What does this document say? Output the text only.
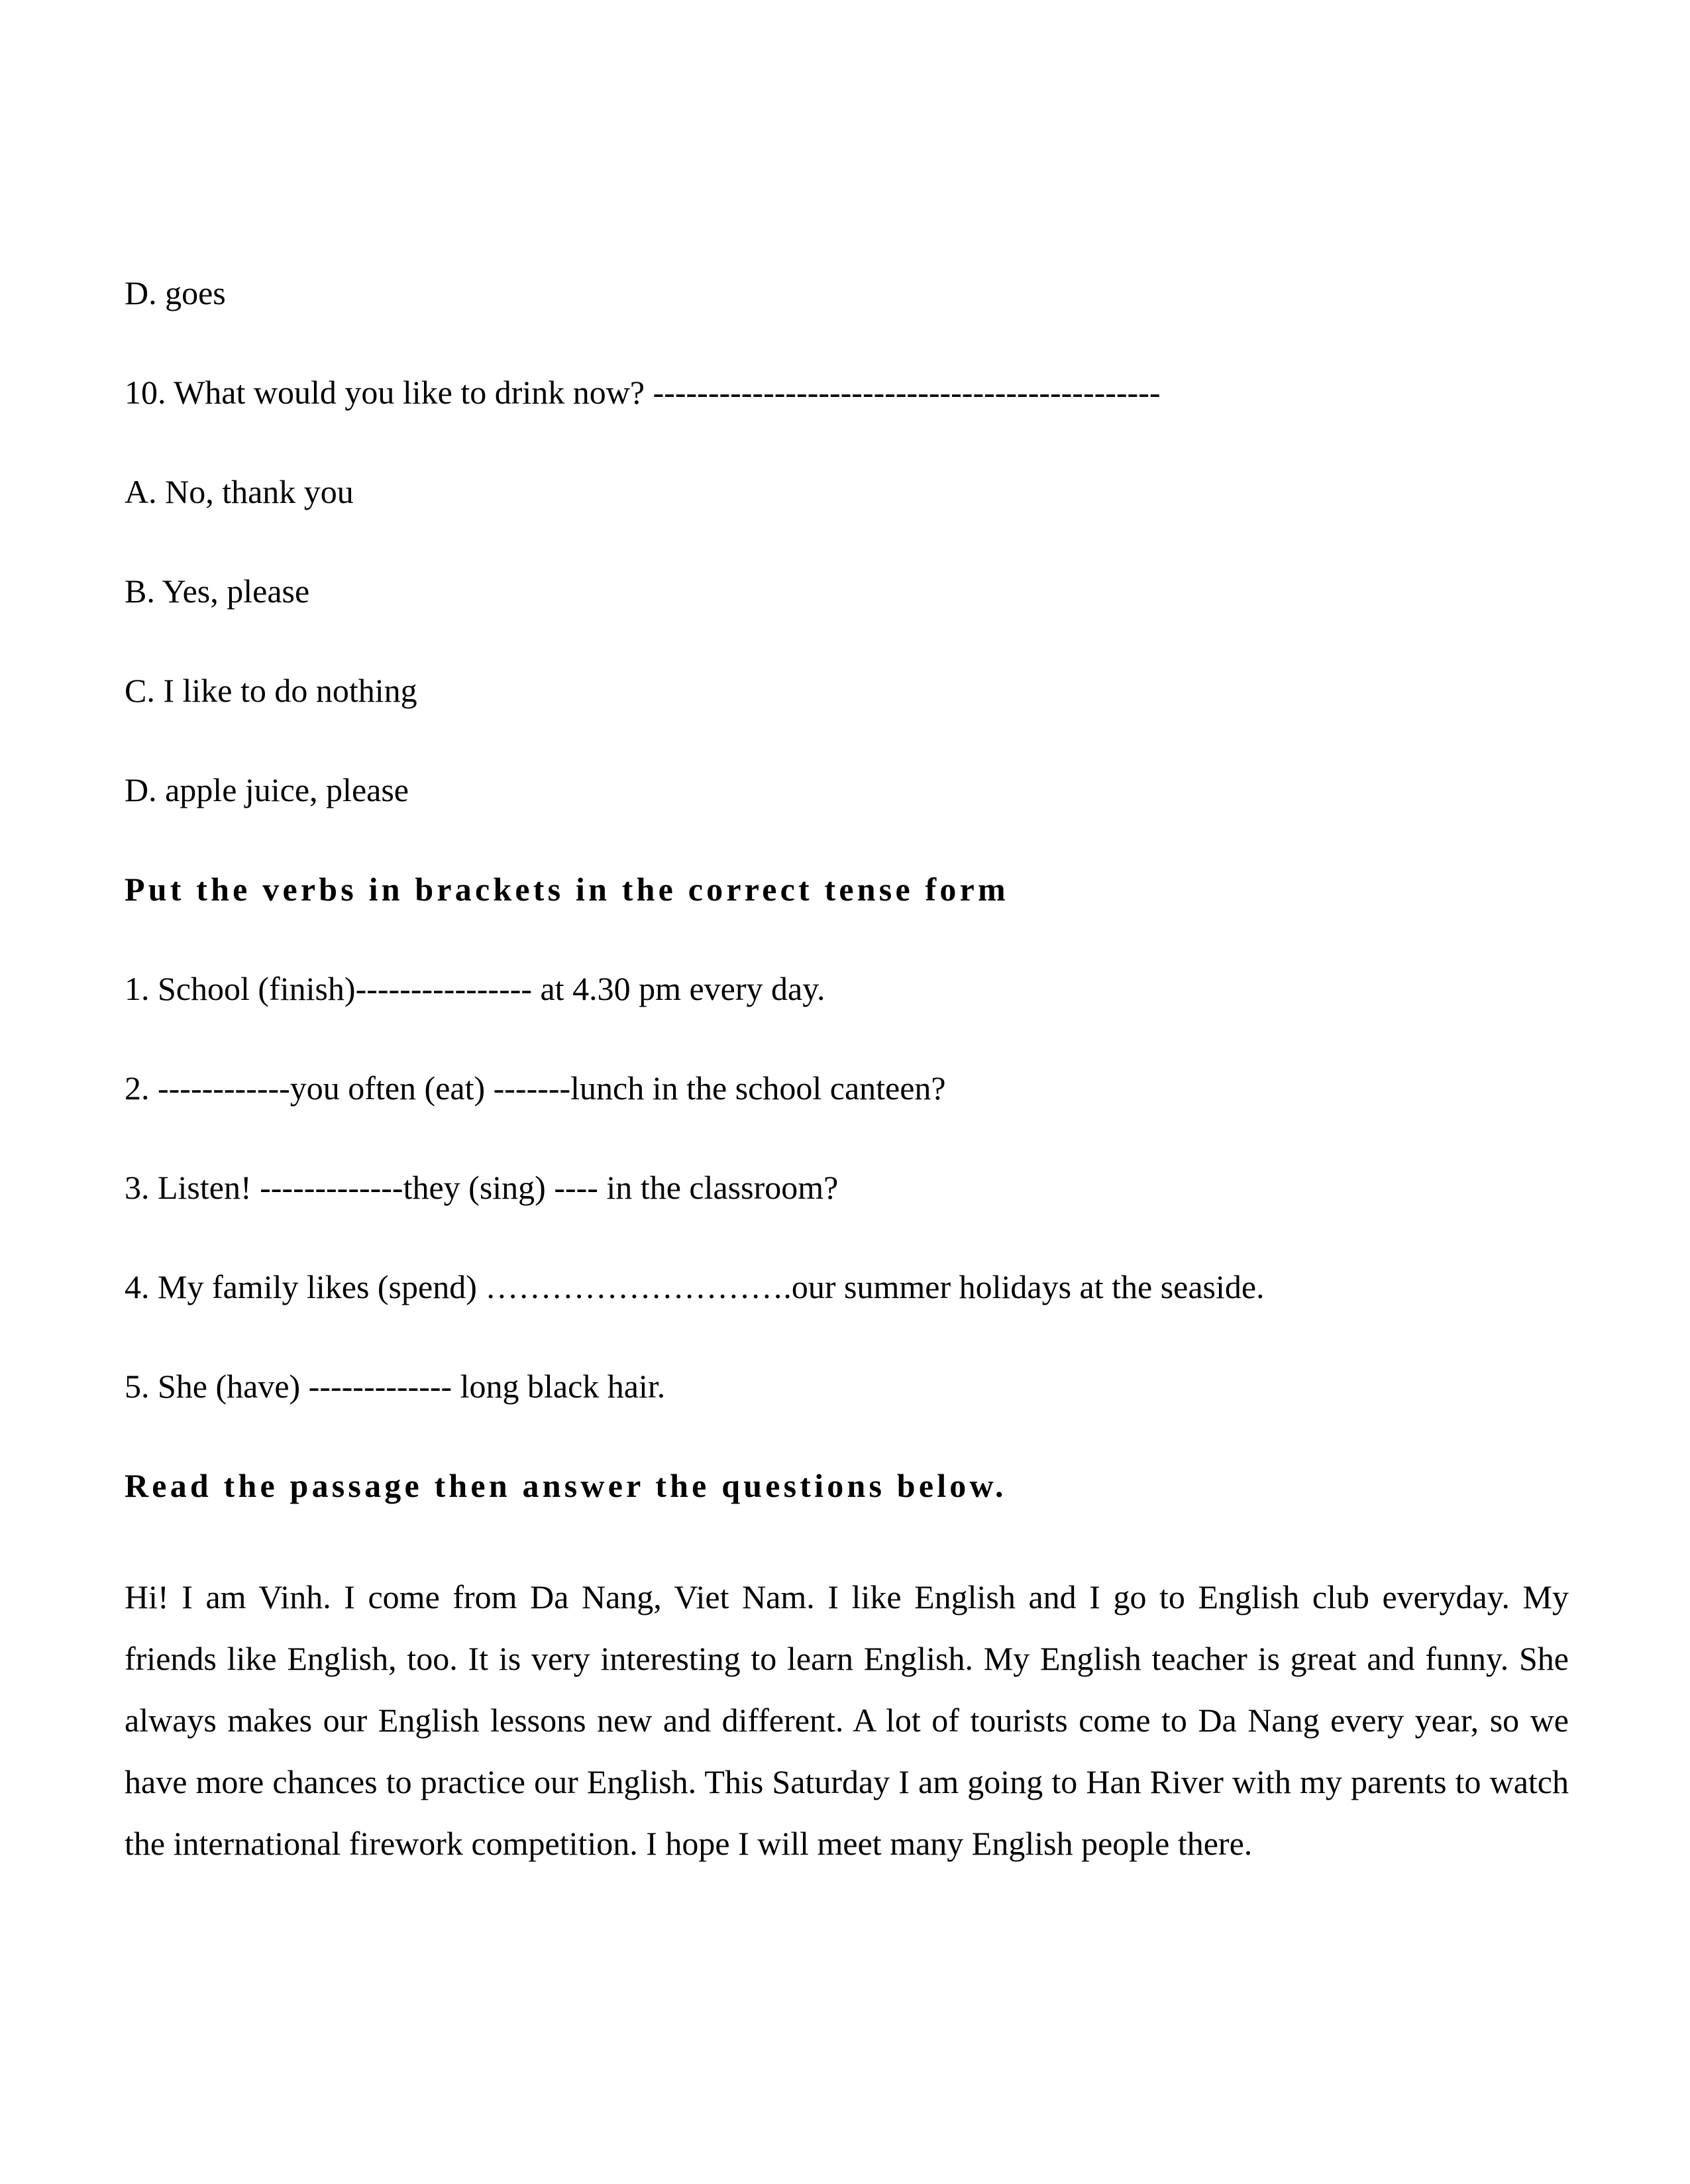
D. goes
10. What would you like to drink now? ----------------------------------------------
A. No, thank you
B. Yes, please
C. I like to do nothing
D. apple juice, please
Put the verbs in brackets in the correct tense form
1. School (finish)---------------- at 4.30 pm every day.
2. ------------you often (eat) -------lunch in the school canteen?
3. Listen! -------------they (sing) ---- in the classroom?
4. My family likes (spend) ……………………….our summer holidays at the seaside.
5. She (have) ------------- long black hair.
Read the passage then answer the questions below.
Hi! I am Vinh. I come from Da Nang, Viet Nam. I like English and I go to English club everyday. My friends like English, too. It is very interesting to learn English. My English teacher is great and funny. She always makes our English lessons new and different. A lot of tourists come to Da Nang every year, so we have more chances to practice our English. This Saturday I am going to Han River with my parents to watch the international firework competition. I hope I will meet many English people there.
